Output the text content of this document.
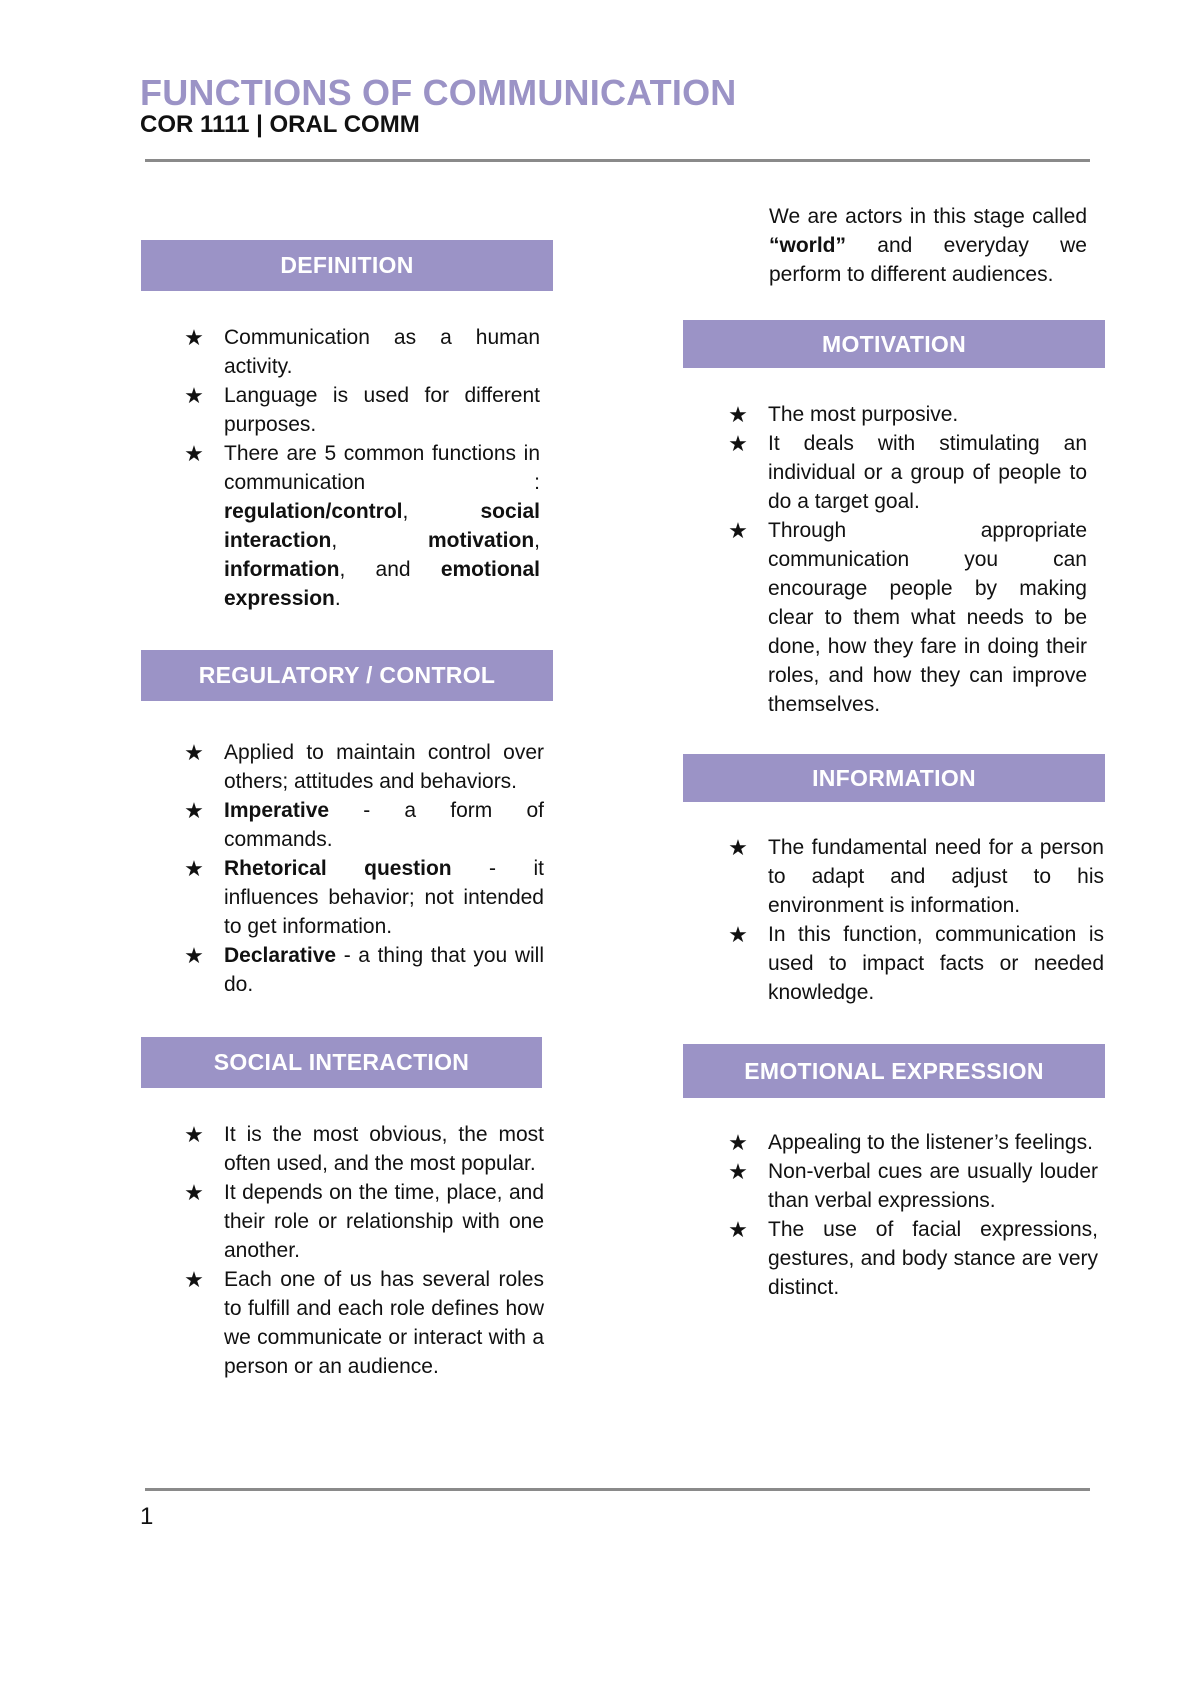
FUNCTIONS OF COMMUNICATION
COR 1111 | ORAL COMM
DEFINITION
★ Communication as a human activity.
★ Language is used for different purposes.
★ There are 5 common functions in communication : regulation/control, social interaction, motivation, information, and emotional expression.
REGULATORY / CONTROL
★ Applied to maintain control over others; attitudes and behaviors.
★ Imperative - a form of commands.
★ Rhetorical question - it influences behavior; not intended to get information.
★ Declarative - a thing that you will do.
SOCIAL INTERACTION
★ It is the most obvious, the most often used, and the most popular.
★ It depends on the time, place, and their role or relationship with one another.
★ Each one of us has several roles to fulfill and each role defines how we communicate or interact with a person or an audience.
We are actors in this stage called “world” and everyday we perform to different audiences.
MOTIVATION
★ The most purposive.
★ It deals with stimulating an individual or a group of people to do a target goal.
★ Through appropriate communication you can encourage people by making clear to them what needs to be done, how they fare in doing their roles, and how they can improve themselves.
INFORMATION
★ The fundamental need for a person to adapt and adjust to his environment is information.
★ In this function, communication is used to impact facts or needed knowledge.
EMOTIONAL EXPRESSION
★ Appealing to the listener’s feelings.
★ Non-verbal cues are usually louder than verbal expressions.
★ The use of facial expressions, gestures, and body stance are very distinct.
1
